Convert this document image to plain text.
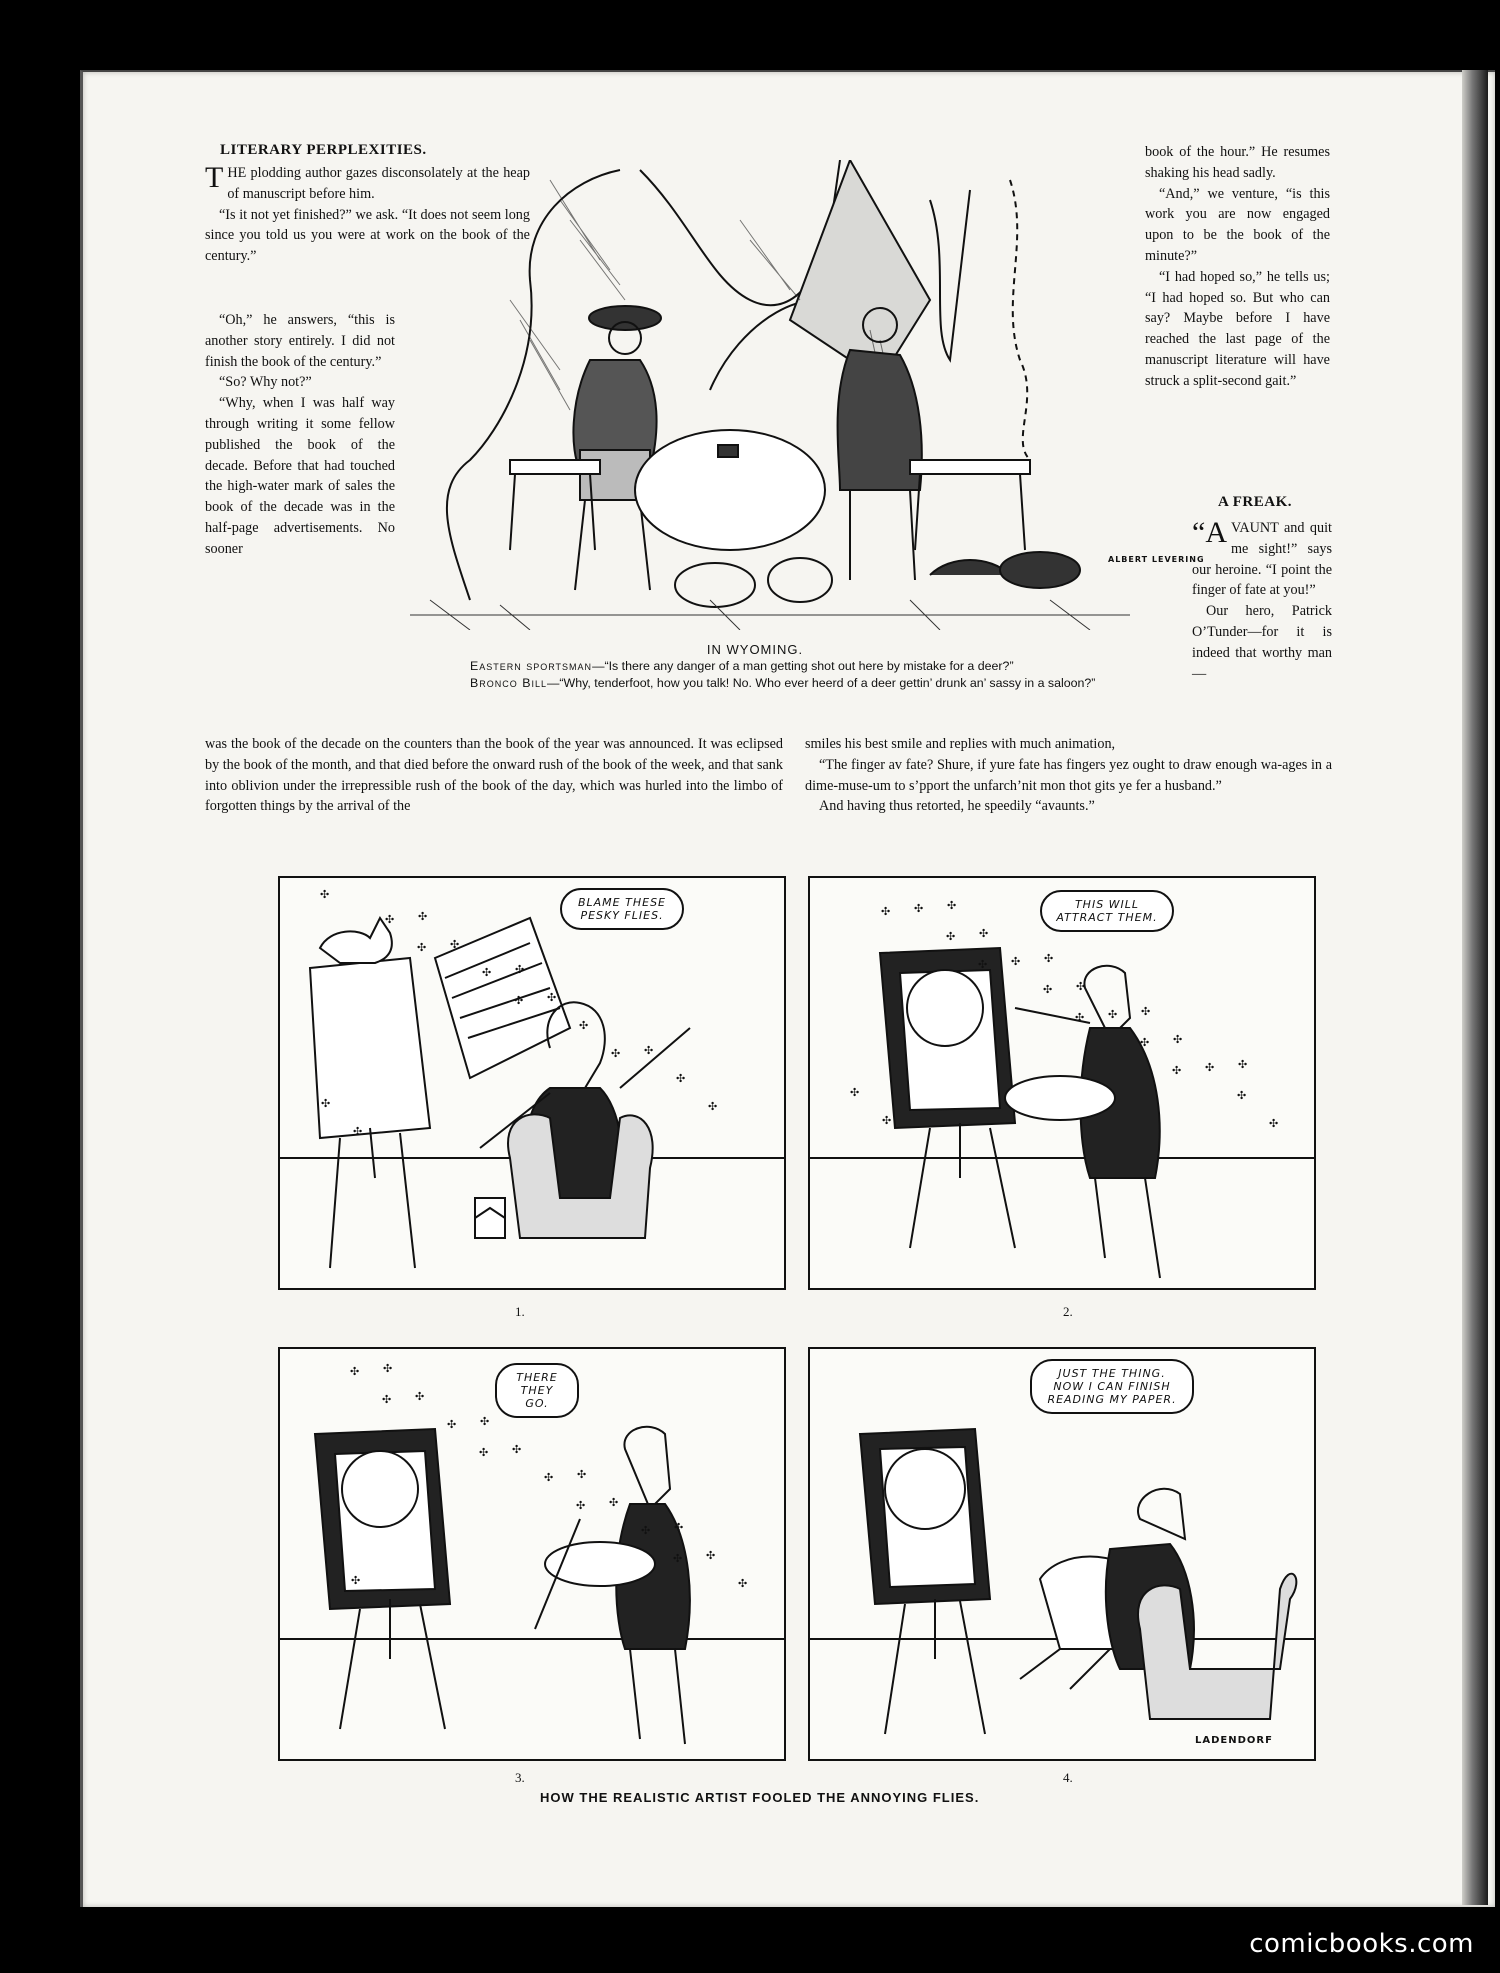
LITERARY PERPLEXITIES.

THE plodding author gazes disconsolately at the heap of manuscript before him.

“Is it not yet finished?” we ask. “It does not seem long since you told us you were at work on the book of the century.”

“Oh,” he answers, “this is another story entirely. I did not finish the book of the century.”

“So? Why not?”

“Why, when I was half way through writing it some fellow published the book of the decade. Before that had touched the high-water mark of sales the book of the decade was in the half-page advertisements. No sooner

was the book of the decade on the counters than the book of the year was announced. It was eclipsed by the book of the month, and that died before the onward rush of the book of the week, and that sank into oblivion under the irrepressible rush of the book of the day, which was hurled into the limbo of forgotten things by the arrival of the

book of the hour.” He resumes shaking his head sadly.

“And,” we venture, “is this work you are now engaged upon to be the book of the minute?”

“I had hoped so,” he tells us; “I had hoped so. But who can say? Maybe before I have reached the last page of the manuscript literature will have struck a split-second gait.”

A FREAK.

“AVAUNT and quit me sight!” says our heroine. “I point the finger of fate at you!”

Our hero, Patrick O’Tunder—for it is indeed that worthy man—

smiles his best smile and replies with much animation,

“The finger av fate? Shure, if yure fate has fingers yez ought to draw enough wa-ages in a dime-muse-um to s’pport the unfarch’nit mon thot gits ye fer a husband.”

And having thus retorted, he speedily “avaunts.”

ALBERT LEVERING
IN WYOMING.
Eastern sportsman—“Is there any danger of a man getting shot out here by mistake for a deer?”
Bronco Bill—“Why, tenderfoot, how you talk! No. Who ever heerd of a deer gettin’ drunk an’ sassy in a saloon?”
✣
✣
✣
✣
✣
✣
✣
✣
✣
✣
✣
✣
✣
✣
✣
✣
BLAME THESE
PESKY FLIES.
1.
✣
✣
✣
✣
✣
✣
✣
✣
✣
✣
✣
✣
✣
✣
✣
✣
✣
✣
✣
✣
✣
✣
THIS WILL
ATTRACT THEM.
2.
✣
✣
✣
✣
✣
✣
✣
✣
✣
✣
✣
✣
✣
✣
✣
✣
✣
✣
THERE
THEY GO.
3.
JUST THE THING.
NOW I CAN FINISH
READING MY PAPER.
LADENDORF
4.
HOW THE REALISTIC ARTIST FOOLED THE ANNOYING FLIES.
comicbooks.com
